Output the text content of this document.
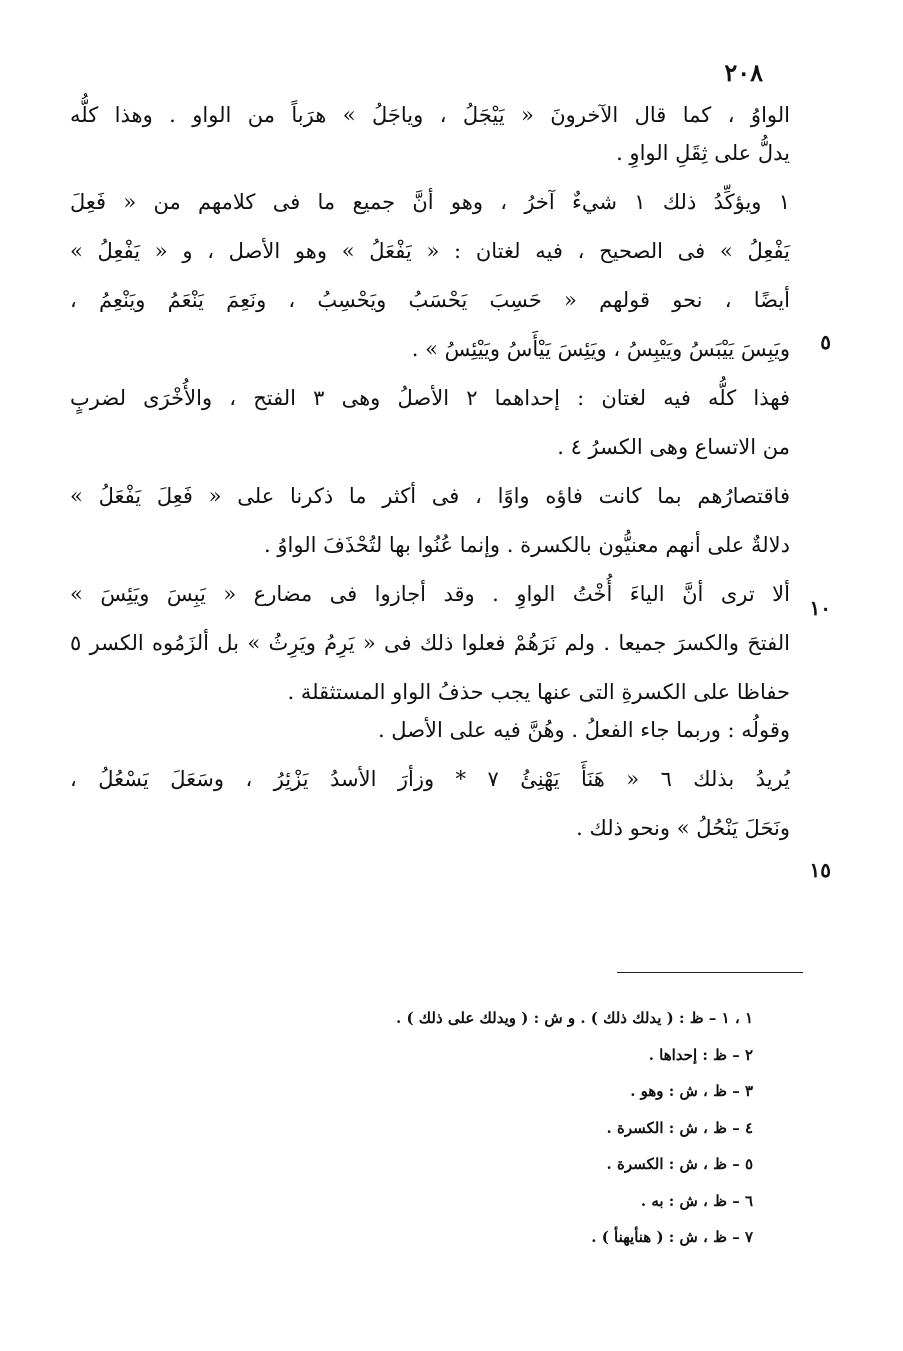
٢٠٨
الواوُ ، كما قال الآخرونَ « يَيْجَلُ ، وياجَلُ » هرَباً من الواو . وهذا كلُّه
يدلُّ على ثِقَلِ الواوِ .
١ ويؤكِّدُ ذلك ١ شيءٌ آخرُ ، وهو أنَّ جميع ما فى كلامهم من « فَعِلَ
يَفْعِلُ » فى الصحيح ، فيه لغتان : « يَفْعَلُ » وهو الأصل ، و « يَفْعِلُ »
أيضًا ، نحو قولهم « حَسِبَ يَحْسَبُ ويَحْسِبُ ، ونَعِمَ يَنْعَمُ ويَنْعِمُ ،
ويَبِسَ يَيْبَسُ ويَيْبِسُ ، ويَئِسَ يَيْأَسُ ويَيْئِسُ » .
فهذا كلُّه فيه لغتان : إحداهما ٢ الأصلُ وهى ٣ الفتح ، والأُخْرَى لضربٍ
من الاتساع وهى الكسرُ ٤ .
فاقتصارُهم بما كانت فاؤه واوًا ، فى أكثر ما ذكرنا على « فَعِلَ يَفْعَلُ »
دلالةٌ على أنهم معنيُّون بالكسرة . وإنما عُنُوا بها لتُحْذَفَ الواوُ .
ألا ترى أنَّ الياءَ أُخْتُ الواوِ . وقد أجازوا فى مضارع « يَبِسَ ويَئِسَ »
الفتحَ والكسرَ جميعا . ولم نَرَهُمْ فعلوا ذلك فى « يَرِمُ ويَرِثُ » بل ألزَمُوه الكسر ٥
حفاظا على الكسرةِ التى عنها يجب حذفُ الواو المستثقلة .
وقولُه : وربما جاء الفعلُ . وهُنَّ فيه على الأصل .
يُريدُ بذلك ٦ « هَنَأَ يَهْنِئُ ٧ * وزأرَ الأسدُ يَزْئِرُ ، وسَعَلَ يَسْعُلُ ،
ونَحَلَ يَنْحُلُ » ونحو ذلك .
٥
١٠
١٥
١ ، ١ – ظ : ( يدلك ذلك ) . و ش : ( ويدلك على ذلك ) .
٢ – ظ : إحداها .
٣ – ظ ، ش : وهو .
٤ – ظ ، ش : الكسرة .
٥ – ظ ، ش : الكسرة .
٦ – ظ ، ش : به .
٧ – ظ ، ش : ( هنأيهنأ ) .
